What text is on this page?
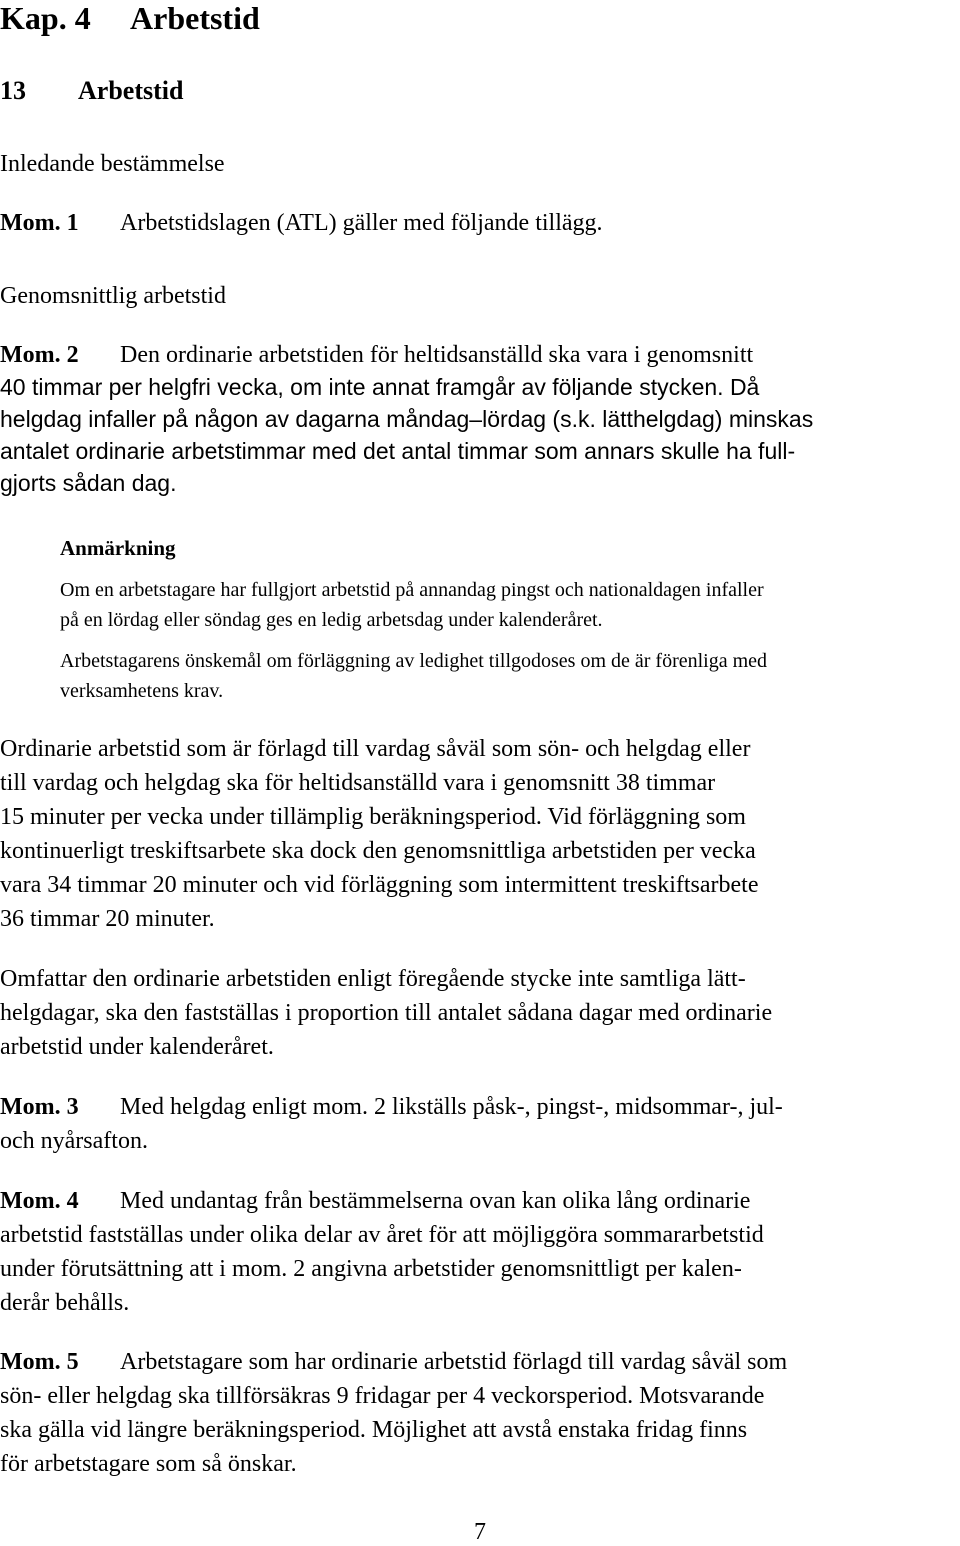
Kap. 4 Arbetstid
13 Arbetstid
Inledande bestämmelse
Mom. 1 Arbetstidslagen (ATL) gäller med följande tillägg.
Genomsnittlig arbetstid
Mom. 2 Den ordinarie arbetstiden för heltidsanställd ska vara i genomsnitt
40 timmar per helgfri vecka, om inte annat framgår av följande stycken. Då
helgdag infaller på någon av dagarna måndag–lördag (s.k. lätthelgdag) minskas
antalet ordinarie arbetstimmar med det antal timmar som annars skulle ha full-
gjorts sådan dag.
Anmärkning
Om en arbetstagare har fullgjort arbetstid på annandag pingst och nationaldagen infaller
på en lördag eller söndag ges en ledig arbetsdag under kalenderåret.
Arbetstagarens önskemål om förläggning av ledighet tillgodoses om de är förenliga med
verksamhetens krav.
Ordinarie arbetstid som är förlagd till vardag såväl som sön- och helgdag eller
till vardag och helgdag ska för heltidsanställd vara i genomsnitt 38 timmar
15 minuter per vecka under tillämplig beräkningsperiod. Vid förläggning som
kontinuerligt treskiftsarbete ska dock den genomsnittliga arbetstiden per vecka
vara 34 timmar 20 minuter och vid förläggning som intermittent treskiftsarbete
36 timmar 20 minuter.
Omfattar den ordinarie arbetstiden enligt föregående stycke inte samtliga lätt-
helgdagar, ska den fastställas i proportion till antalet sådana dagar med ordinarie
arbetstid under kalenderåret.
Mom. 3 Med helgdag enligt mom. 2 likställs påsk-, pingst-, midsommar-, jul-
och nyårsafton.
Mom. 4 Med undantag från bestämmelserna ovan kan olika lång ordinarie
arbetstid fastställas under olika delar av året för att möjliggöra sommararbetstid
under förutsättning att i mom. 2 angivna arbetstider genomsnittligt per kalen-
derår behålls.
Mom. 5 Arbetstagare som har ordinarie arbetstid förlagd till vardag såväl som
sön- eller helgdag ska tillförsäkras 9 fridagar per 4 veckorsperiod. Motsvarande
ska gälla vid längre beräkningsperiod. Möjlighet att avstå enstaka fridag finns
för arbetstagare som så önskar.
7
